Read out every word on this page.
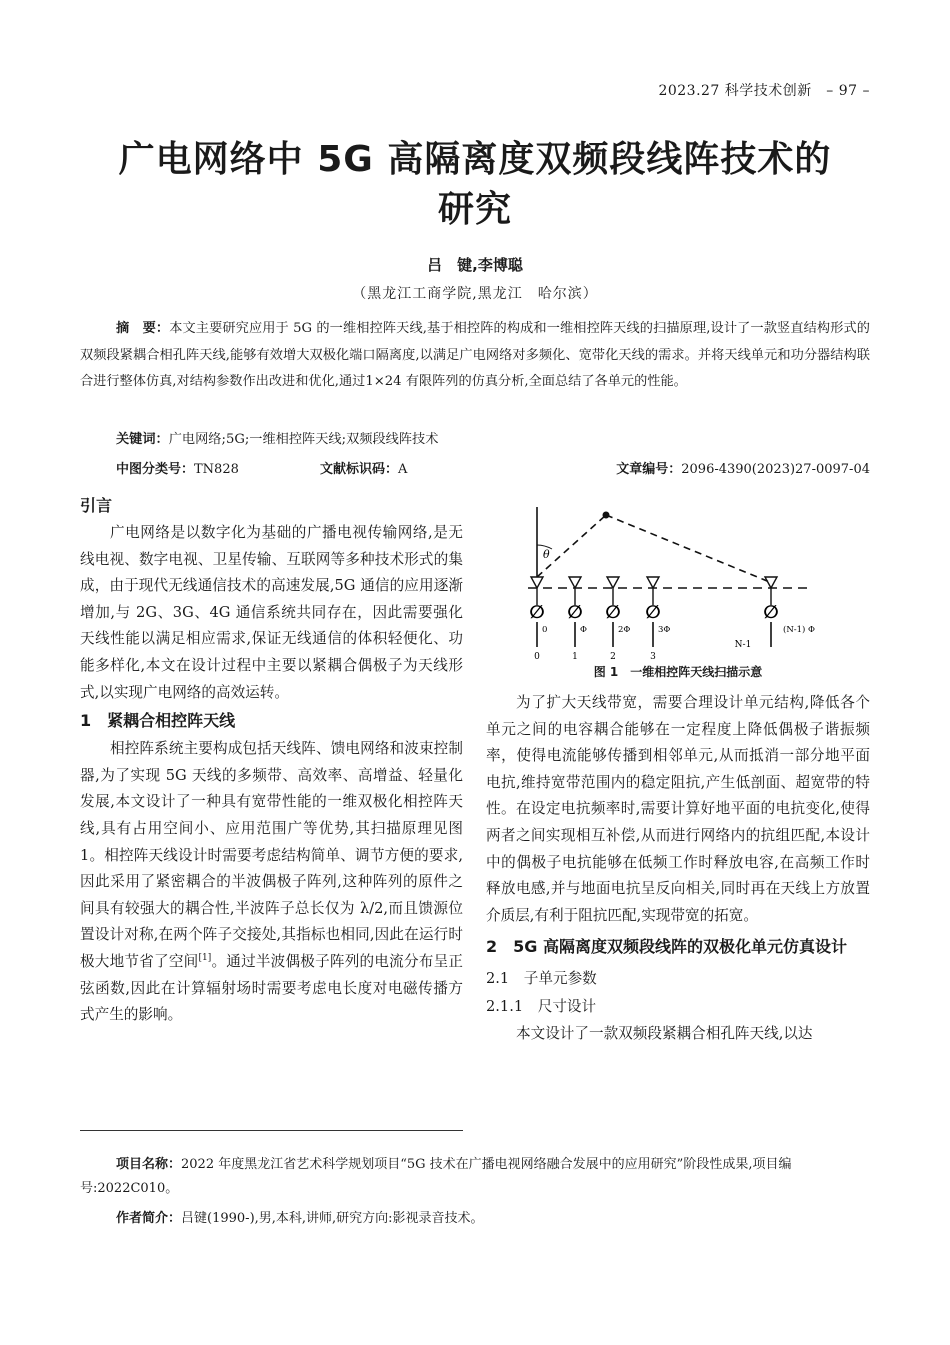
2023.27 科学技术创新　– 97 –
广电网络中 5G 高隔离度双频段线阵技术的
研究
吕　键,李博聪
（黑龙江工商学院,黑龙江　哈尔滨）
摘　要：本文主要研究应用于 5G 的一维相控阵天线,基于相控阵的构成和一维相控阵天线的扫描原理,设计了一款竖直结构形式的双频段紧耦合相孔阵天线,能够有效增大双极化端口隔离度,以满足广电网络对多频化、宽带化天线的需求。并将天线单元和功分器结构联合进行整体仿真,对结构参数作出改进和优化,通过1×24 有限阵列的仿真分析,全面总结了各单元的性能。
关键词：广电网络;5G;一维相控阵天线;双频段线阵技术
中图分类号：TN828	文献标识码：A	文章编号：2096-4390(2023)27-0097-04
引言

广电网络是以数字化为基础的广播电视传输网络,是无线电视、数字电视、卫星传输、互联网等多种技术形式的集成，由于现代无线通信技术的高速发展,5G 通信的应用逐渐增加,与 2G、3G、4G 通信系统共同存在，因此需要强化天线性能以满足相应需求,保证无线通信的体积轻便化、功能多样化,本文在设计过程中主要以紧耦合偶极子为天线形式,以实现广电网络的高效运转。

1　紧耦合相控阵天线

相控阵系统主要构成包括天线阵、馈电网络和波束控制器,为了实现 5G 天线的多频带、高效率、高增益、轻量化发展,本文设计了一种具有宽带性能的一维双极化相控阵天线,具有占用空间小、应用范围广等优势,其扫描原理见图 1。相控阵天线设计时需要考虑结构简单、调节方便的要求,因此采用了紧密耦合的半波偶极子阵列,这种阵列的原件之间具有较强大的耦合性,半波阵子总长仅为 λ/2,而且馈源位置设计对称,在两个阵子交接处,其指标也相同,因此在运行时极大地节省了空间[1]。通过半波偶极子阵列的电流分布呈正弦函数,因此在计算辐射场时需要考虑电长度对电磁传播方式产生的影响。

θ
∅
0
0
∅
Φ
1
∅
2Φ
2
∅
3Φ
3
∅
(N-1) Φ
N-1
图 1　一维相控阵天线扫描示意

为了扩大天线带宽，需要合理设计单元结构,降低各个单元之间的电容耦合能够在一定程度上降低偶极子谐振频率，使得电流能够传播到相邻单元,从而抵消一部分地平面电抗,维持宽带范围内的稳定阻抗,产生低剖面、超宽带的特性。在设定电抗频率时,需要计算好地平面的电抗变化,使得两者之间实现相互补偿,从而进行网络内的抗组匹配,本设计中的偶极子电抗能够在低频工作时释放电容,在高频工作时释放电感,并与地面电抗呈反向相关,同时再在天线上方放置介质层,有利于阻抗匹配,实现带宽的拓宽。

2　5G 高隔离度双频段线阵的双极化单元仿真设计
2.1　子单元参数
2.1.1　尺寸设计

本文设计了一款双频段紧耦合相孔阵天线,以达

项目名称：2022 年度黑龙江省艺术科学规划项目“5G 技术在广播电视网络融合发展中的应用研究”阶段性成果,项目编号:2022C010。

作者简介：吕键(1990-),男,本科,讲师,研究方向:影视录音技术。
